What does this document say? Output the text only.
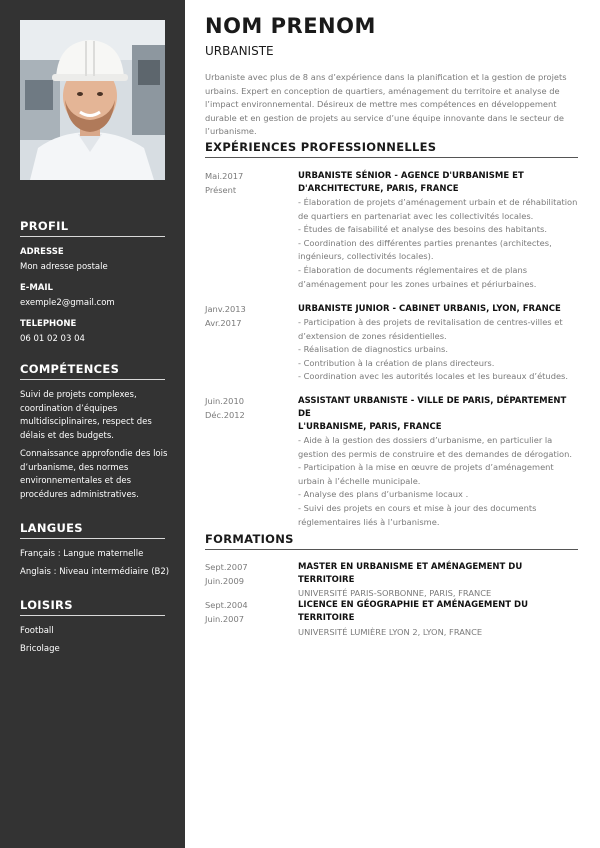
PROFIL
ADRESSE
Mon adresse postale
E-MAIL
exemple2@gmail.com
TELEPHONE
06 01 02 03 04
COMPÉTENCES
Suivi de projets complexes,
coordination d’équipes
multidisciplinaires, respect des
délais et des budgets.
Connaissance approfondie des lois
d’urbanisme, des normes
environnementales et des
procédures administratives.
LANGUES
Français : Langue maternelle
Anglais : Niveau intermédiaire (B2)
LOISIRS
Football
Bricolage
NOM PRENOM
URBANISTE
Urbaniste avec plus de 8 ans d’expérience dans la planification et la gestion de projets urbains. Expert en conception de quartiers, aménagement du territoire et analyse de l’impact environnemental. Désireux de mettre mes compétences en développement durable et en gestion de projets au service d’une équipe innovante dans le secteur de l’urbanisme.
EXPÉRIENCES PROFESSIONNELLES
Mai.2017
Présent
URBANISTE SÉNIOR - AGENCE D'URBANISME ET
D'ARCHITECTURE, PARIS, FRANCE
- Élaboration de projets d’aménagement urbain et de réhabilitation
de quartiers en partenariat avec les collectivités locales.
- Études de faisabilité et analyse des besoins des habitants.
- Coordination des différentes parties prenantes (architectes,
ingénieurs, collectivités locales).
- Élaboration de documents réglementaires et de plans
d’aménagement pour les zones urbaines et périurbaines.
Janv.2013
Avr.2017
URBANISTE JUNIOR - CABINET URBANIS, LYON, FRANCE
- Participation à des projets de revitalisation de centres-villes et
d’extension de zones résidentielles.
- Réalisation de diagnostics urbains.
- Contribution à la création de plans directeurs.
- Coordination avec les autorités locales et les bureaux d’études.
Juin.2010
Déc.2012
ASSISTANT URBANISTE - VILLE DE PARIS, DÉPARTEMENT DE
L'URBANISME, PARIS, FRANCE
- Aide à la gestion des dossiers d’urbanisme, en particulier la
gestion des permis de construire et des demandes de dérogation.
- Participation à la mise en œuvre de projets d’aménagement
urbain à l’échelle municipale.
- Analyse des plans d’urbanisme locaux .
- Suivi des projets en cours et mise à jour des documents
réglementaires liés à l’urbanisme.
FORMATIONS
Sept.2007
Juin.2009
MASTER EN URBANISME ET AMÉNAGEMENT DU TERRITOIRE
UNIVERSITÉ PARIS-SORBONNE, PARIS, FRANCE
Sept.2004
Juin.2007
LICENCE EN GÉOGRAPHIE ET AMÉNAGEMENT DU TERRITOIRE
UNIVERSITÉ LUMIÈRE LYON 2, LYON, FRANCE
